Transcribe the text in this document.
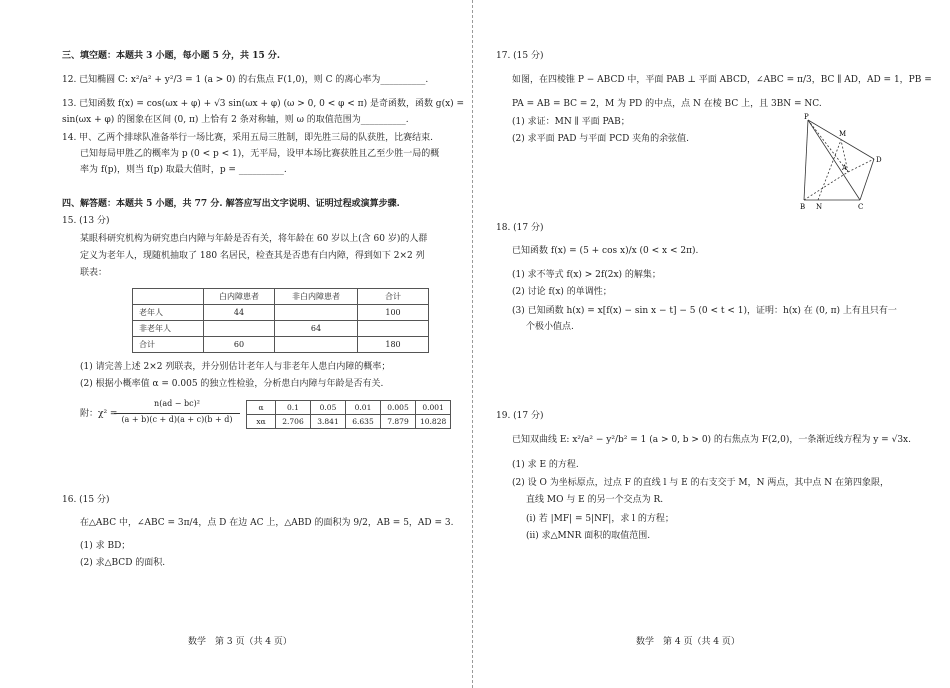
三、填空题：本题共 3 小题，每小题 5 分，共 15 分.
12. 已知椭圆 C: x²/a² + y²/3 = 1 (a > 0) 的右焦点 F(1,0)，则 C 的离心率为__________.
13. 已知函数 f(x) = cos(ωx + φ) + √3 sin(ωx + φ) (ω > 0, 0 < φ < π) 是奇函数，函数 g(x) =
sin(ωx + φ) 的图象在区间 (0, π) 上恰有 2 条对称轴，则 ω 的取值范围为__________.
14. 甲、乙两个排球队准备举行一场比赛，采用五局三胜制，即先胜三局的队获胜，比赛结束.
已知每局甲胜乙的概率为 p (0 < p < 1)，无平局，设甲本场比赛获胜且乙至少胜一局的概
率为 f(p)，则当 f(p) 取最大值时，p = __________.
四、解答题：本题共 5 小题，共 77 分. 解答应写出文字说明、证明过程或演算步骤.
15. (13 分)
某眼科研究机构为研究患白内障与年龄是否有关，将年龄在 60 岁以上(含 60 岁)的人群
定义为老年人，现随机抽取了 180 名居民，检查其是否患有白内障，得到如下 2×2 列
联表：
	白内障患者	非白内障患者	合计
老年人	44		100
非老年人		64	
合计	60		180
(1) 请完善上述 2×2 列联表，并分别估计老年人与非老年人患白内障的概率；
(2) 根据小概率值 α = 0.005 的独立性检验，分析患白内障与年龄是否有关.
附：χ² =
n(ad − bc)²
(a + b)(c + d)(a + c)(b + d)
α	0.1	0.05	0.01	0.005	0.001
xα	2.706	3.841	6.635	7.879	10.828
16. (15 分)
在△ABC 中，∠ABC = 3π/4，点 D 在边 AC 上，△ABD 的面积为 9/2，AB = 5，AD = 3.
(1) 求 BD；
(2) 求△BCD 的面积.
数学　第 3 页（共 4 页）
17. (15 分)
如图，在四棱锥 P − ABCD 中，平面 PAB ⊥ 平面 ABCD，∠ABC = π/3，BC ∥ AD，AD = 1，PB =
PA = AB = BC = 2，M 为 PD 的中点，点 N 在棱 BC 上，且 3BN = NC.
(1) 求证：MN ∥ 平面 PAB；
(2) 求平面 PAD 与平面 PCD 夹角的余弦值.
P
M
A
D
B N	C
18. (17 分)
已知函数 f(x) = (5 + cos x)/x (0 < x < 2π).
(1) 求不等式 f(x) > 2f(2x) 的解集；
(2) 讨论 f(x) 的单调性；
(3) 已知函数 h(x) = x[f(x) − sin x − t] − 5 (0 < t < 1)，证明：h(x) 在 (0, π) 上有且只有一
个极小值点.
19. (17 分)
已知双曲线 E: x²/a² − y²/b² = 1 (a > 0, b > 0) 的右焦点为 F(2,0)，一条渐近线方程为 y = √3x.
(1) 求 E 的方程.
(2) 设 O 为坐标原点，过点 F 的直线 l 与 E 的右支交于 M，N 两点，其中点 N 在第四象限，
直线 MO 与 E 的另一个交点为 R.
(ⅰ) 若 |MF| = 5|NF|，求 l 的方程；
(ⅱ) 求△MNR 面积的取值范围.
数学　第 4 页（共 4 页）
